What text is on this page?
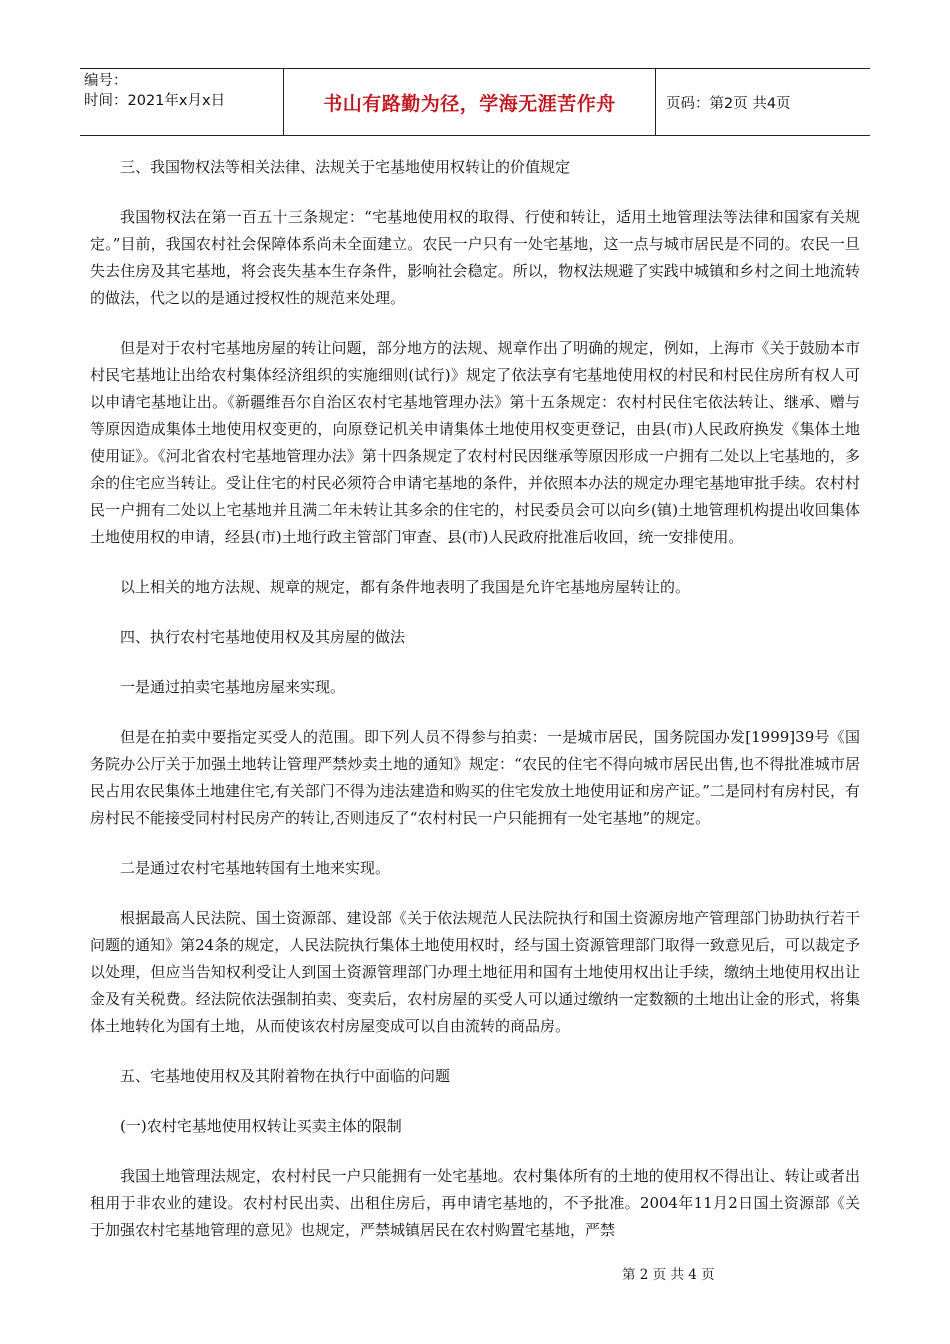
编号：
时间：2021年x月x日	书山有路勤为径，学海无涯苦作舟	页码：第2页 共4页

三、我国物权法等相关法律、法规关于宅基地使用权转让的价值规定

我国物权法在第一百五十三条规定：“宅基地使用权的取得、行使和转让，适用土地管理法等法律和国家有关规定。”目前，我国农村社会保障体系尚未全面建立。农民一户只有一处宅基地，这一点与城市居民是不同的。农民一旦失去住房及其宅基地，将会丧失基本生存条件，影响社会稳定。所以，物权法规避了实践中城镇和乡村之间土地流转的做法，代之以的是通过授权性的规范来处理。

但是对于农村宅基地房屋的转让问题，部分地方的法规、规章作出了明确的规定，例如，上海市《关于鼓励本市村民宅基地让出给农村集体经济组织的实施细则(试行)》规定了依法享有宅基地使用权的村民和村民住房所有权人可以申请宅基地让出。《新疆维吾尔自治区农村宅基地管理办法》第十五条规定：农村村民住宅依法转让、继承、赠与等原因造成集体土地使用权变更的，向原登记机关申请集体土地使用权变更登记，由县(市)人民政府换发《集体土地使用证》。《河北省农村宅基地管理办法》第十四条规定了农村村民因继承等原因形成一户拥有二处以上宅基地的，多余的住宅应当转让。受让住宅的村民必须符合申请宅基地的条件，并依照本办法的规定办理宅基地审批手续。农村村民一户拥有二处以上宅基地并且满二年未转让其多余的住宅的，村民委员会可以向乡(镇)土地管理机构提出收回集体土地使用权的申请，经县(市)土地行政主管部门审查、县(市)人民政府批准后收回，统一安排使用。

以上相关的地方法规、规章的规定，都有条件地表明了我国是允许宅基地房屋转让的。

四、执行农村宅基地使用权及其房屋的做法

一是通过拍卖宅基地房屋来实现。

但是在拍卖中要指定买受人的范围。即下列人员不得参与拍卖：一是城市居民，国务院国办发[1999]39号《国务院办公厅关于加强土地转让管理严禁炒卖土地的通知》规定：“农民的住宅不得向城市居民出售,也不得批准城市居民占用农民集体土地建住宅,有关部门不得为违法建造和购买的住宅发放土地使用证和房产证。”二是同村有房村民，有房村民不能接受同村村民房产的转让,否则违反了“农村村民一户只能拥有一处宅基地”的规定。

二是通过农村宅基地转国有土地来实现。

根据最高人民法院、国土资源部、建设部《关于依法规范人民法院执行和国土资源房地产管理部门协助执行若干问题的通知》第24条的规定，人民法院执行集体土地使用权时，经与国土资源管理部门取得一致意见后，可以裁定予以处理，但应当告知权利受让人到国土资源管理部门办理土地征用和国有土地使用权出让手续，缴纳土地使用权出让金及有关税费。经法院依法强制拍卖、变卖后，农村房屋的买受人可以通过缴纳一定数额的土地出让金的形式，将集体土地转化为国有土地，从而使该农村房屋变成可以自由流转的商品房。

五、宅基地使用权及其附着物在执行中面临的问题

(一)农村宅基地使用权转让买卖主体的限制

我国土地管理法规定，农村村民一户只能拥有一处宅基地。农村集体所有的土地的使用权不得出让、转让或者出租用于非农业的建设。农村村民出卖、出租住房后，再申请宅基地的，不予批准。2004年11月2日国土资源部《关于加强农村宅基地管理的意见》也规定，严禁城镇居民在农村购置宅基地，严禁

第 2 页 共 4 页
